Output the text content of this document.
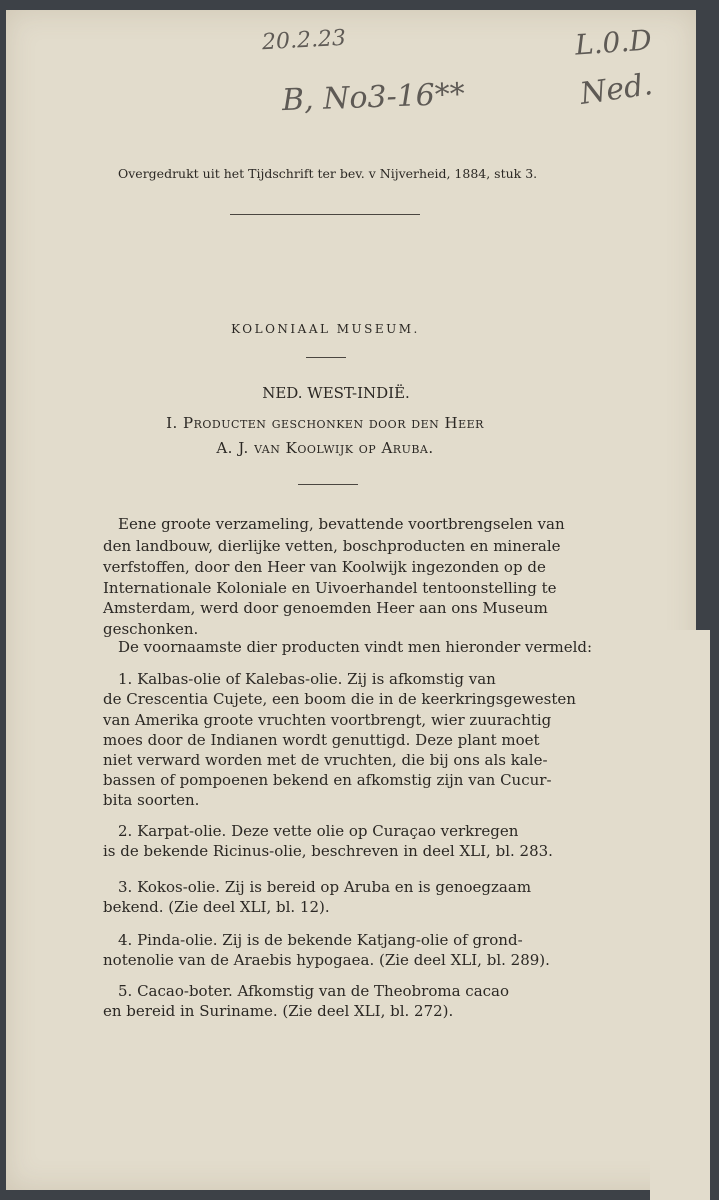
20.2.23
B, No3-16**
L.0.D
Ned.
Overgedrukt uit het Tijdschrift ter bev. v Nijverheid, 1884, stuk 3.
KOLONIAAL MUSEUM.
NED. WEST-INDIË.
I. Producten geschonken door den Heer
A. J. van Koolwijk op Aruba.
Eene groote verzameling, bevattende voortbrengselen van
den landbouw, dierlijke vetten, boschproducten en minerale
verfstoffen, door den Heer van Koolwijk ingezonden op de
Internationale Koloniale en Uivoerhandel tentoonstelling te
Amsterdam, werd door genoemden Heer aan ons Museum
geschonken.
De voornaamste dier producten vindt men hieronder vermeld:
1. Kalbas-olie of Kalebas-olie. Zij is afkomstig van
de Crescentia Cujete, een boom die in de keerkringsgewesten
van Amerika groote vruchten voortbrengt, wier zuurachtig
moes door de Indianen wordt genuttigd. Deze plant moet
niet verward worden met de vruchten, die bij ons als kale-
bassen of pompoenen bekend en afkomstig zijn van Cucur-
bita soorten.
2. Karpat-olie. Deze vette olie op Curaçao verkregen
is de bekende Ricinus-olie, beschreven in deel XLI, bl. 283.
3. Kokos-olie. Zij is bereid op Aruba en is genoegzaam
bekend. (Zie deel XLI, bl. 12).
4. Pinda-olie. Zij is de bekende Katjang-olie of grond-
notenolie van de Araebis hypogaea. (Zie deel XLI, bl. 289).
5. Cacao-boter. Afkomstig van de Theobroma cacao
en bereid in Suriname. (Zie deel XLI, bl. 272).
